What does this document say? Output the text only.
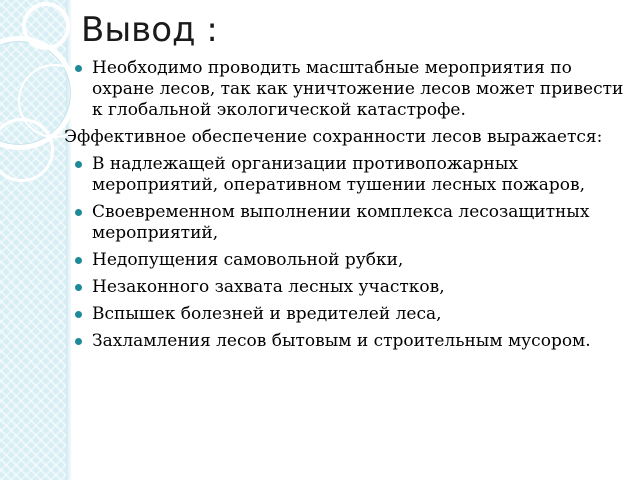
Вывод :
Необходимо проводить масштабные мероприятия по охране лесов, так как уничтожение лесов может привести к глобальной экологической катастрофе.

Эффективное обеспечение сохранности лесов выражается:

В надлежащей организации противопожарных мероприятий, оперативном тушении лесных пожаров,
Своевременном выполнении комплекса лесозащитных мероприятий,
Недопущения самовольной рубки,
Незаконного захвата лесных участков,
Вспышек болезней и вредителей леса,
Захламления лесов бытовым и строительным мусором.
